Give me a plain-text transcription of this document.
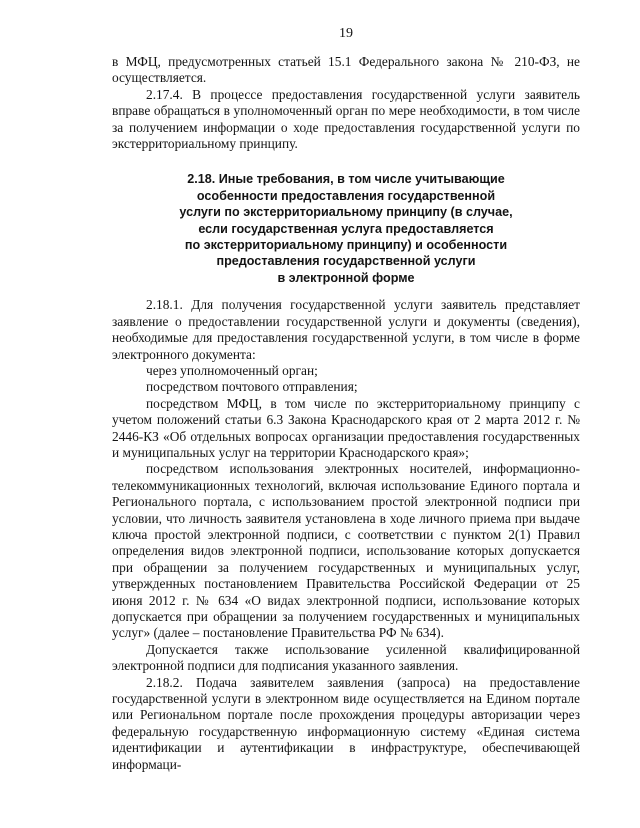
19

в МФЦ, предусмотренных статьей 15.1 Федерального закона № 210-ФЗ, не осуществляется.

2.17.4. В процессе предоставления государственной услуги заявитель вправе обращаться в уполномоченный орган по мере необходимости, в том числе за получением информации о ходе предоставления государственной услуги по экстерриториальному принципу.

2.18. Иные требования, в том числе учитывающие
особенности предоставления государственной
услуги по экстерриториальному принципу (в случае,
если государственная услуга предоставляется
по экстерриториальному принципу) и особенности
предоставления государственной услуги
в электронной форме

2.18.1. Для получения государственной услуги заявитель представляет заявление о предоставлении государственной услуги и документы (сведения), необходимые для предоставления государственной услуги, в том числе в форме электронного документа:

через уполномоченный орган;

посредством почтового отправления;

посредством МФЦ, в том числе по экстерриториальному принципу с учетом положений статьи 6.3 Закона Краснодарского края от 2 марта 2012 г. № 2446-КЗ «Об отдельных вопросах организации предоставления государственных и муниципальных услуг на территории Краснодарского края»;

посредством использования электронных носителей, информационно-телекоммуникационных технологий, включая использование Единого портала и Регионального портала, с использованием простой электронной подписи при условии, что личность заявителя установлена в ходе личного приема при выдаче ключа простой электронной подписи, с соответствии с пунктом 2(1) Правил определения видов электронной подписи, использование которых допускается при обращении за получением государственных и муниципальных услуг, утвержденных постановлением Правительства Российской Федерации от 25 июня 2012 г. № 634 «О видах электронной подписи, использование которых допускается при обращении за получением государственных и муниципальных услуг» (далее – постановление Правительства РФ № 634).

Допускается также использование усиленной квалифицированной электронной подписи для подписания указанного заявления.

2.18.2. Подача заявителем заявления (запроса) на предоставление государственной услуги в электронном виде осуществляется на Едином портале или Региональном портале после прохождения процедуры авторизации через федеральную государственную информационную систему «Единая система идентификации и аутентификации в инфраструктуре, обеспечивающей информаци-
